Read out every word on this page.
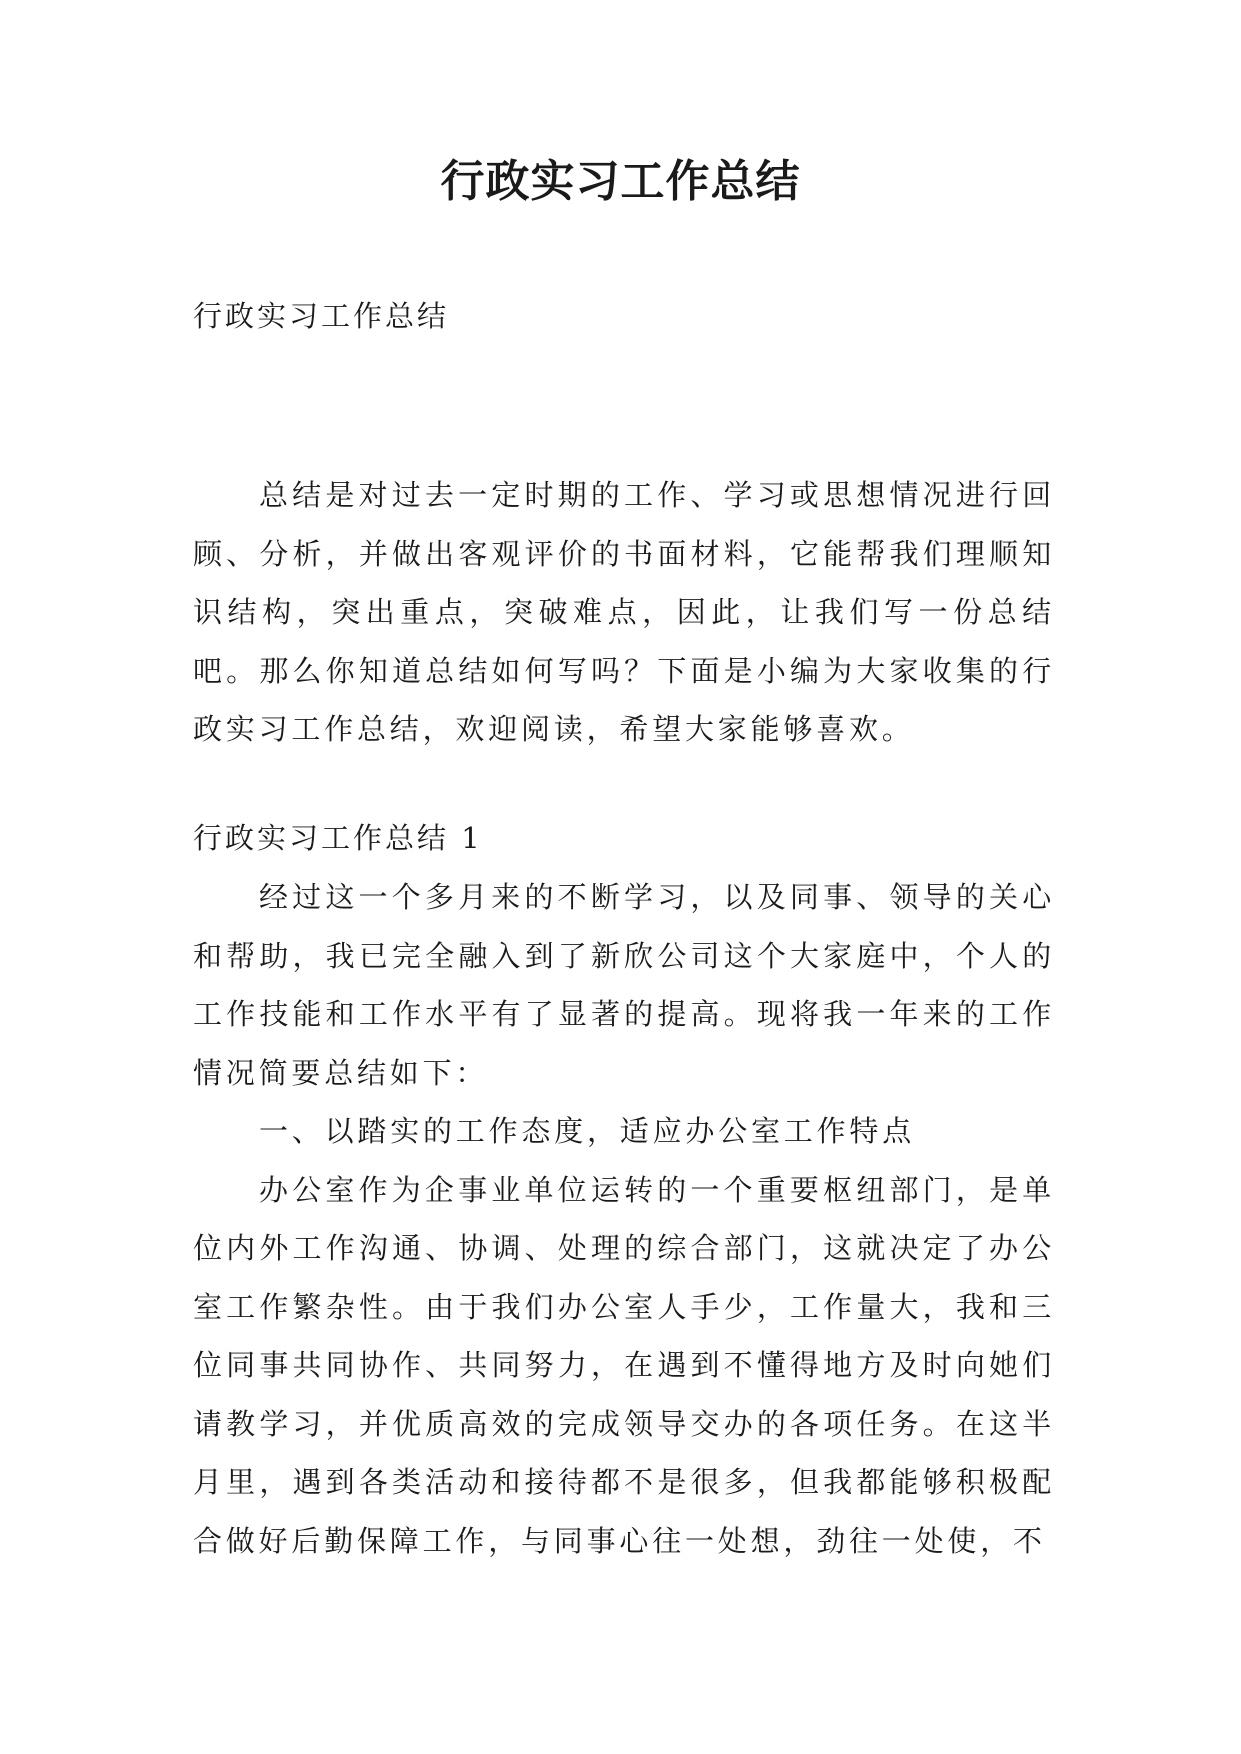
行政实习工作总结

行政实习工作总结

总结是对过去一定时期的工作、学习或思想情况进行回顾、分析，并做出客观评价的书面材料，它能帮我们理顺知识结构，突出重点，突破难点，因此，让我们写一份总结吧。那么你知道总结如何写吗？下面是小编为大家收集的行政实习工作总结，欢迎阅读，希望大家能够喜欢。

行政实习工作总结 1

经过这一个多月来的不断学习，以及同事、领导的关心和帮助，我已完全融入到了新欣公司这个大家庭中，个人的工作技能和工作水平有了显著的提高。现将我一年来的工作情况简要总结如下：

一、以踏实的工作态度，适应办公室工作特点

办公室作为企事业单位运转的一个重要枢纽部门，是单位内外工作沟通、协调、处理的综合部门，这就决定了办公室工作繁杂性。由于我们办公室人手少，工作量大，我和三位同事共同协作、共同努力，在遇到不懂得地方及时向她们请教学习，并优质高效的完成领导交办的各项任务。在这半月里，遇到各类活动和接待都不是很多，但我都能够积极配合做好后勤保障工作，与同事心往一处想，劲往一处使，不
